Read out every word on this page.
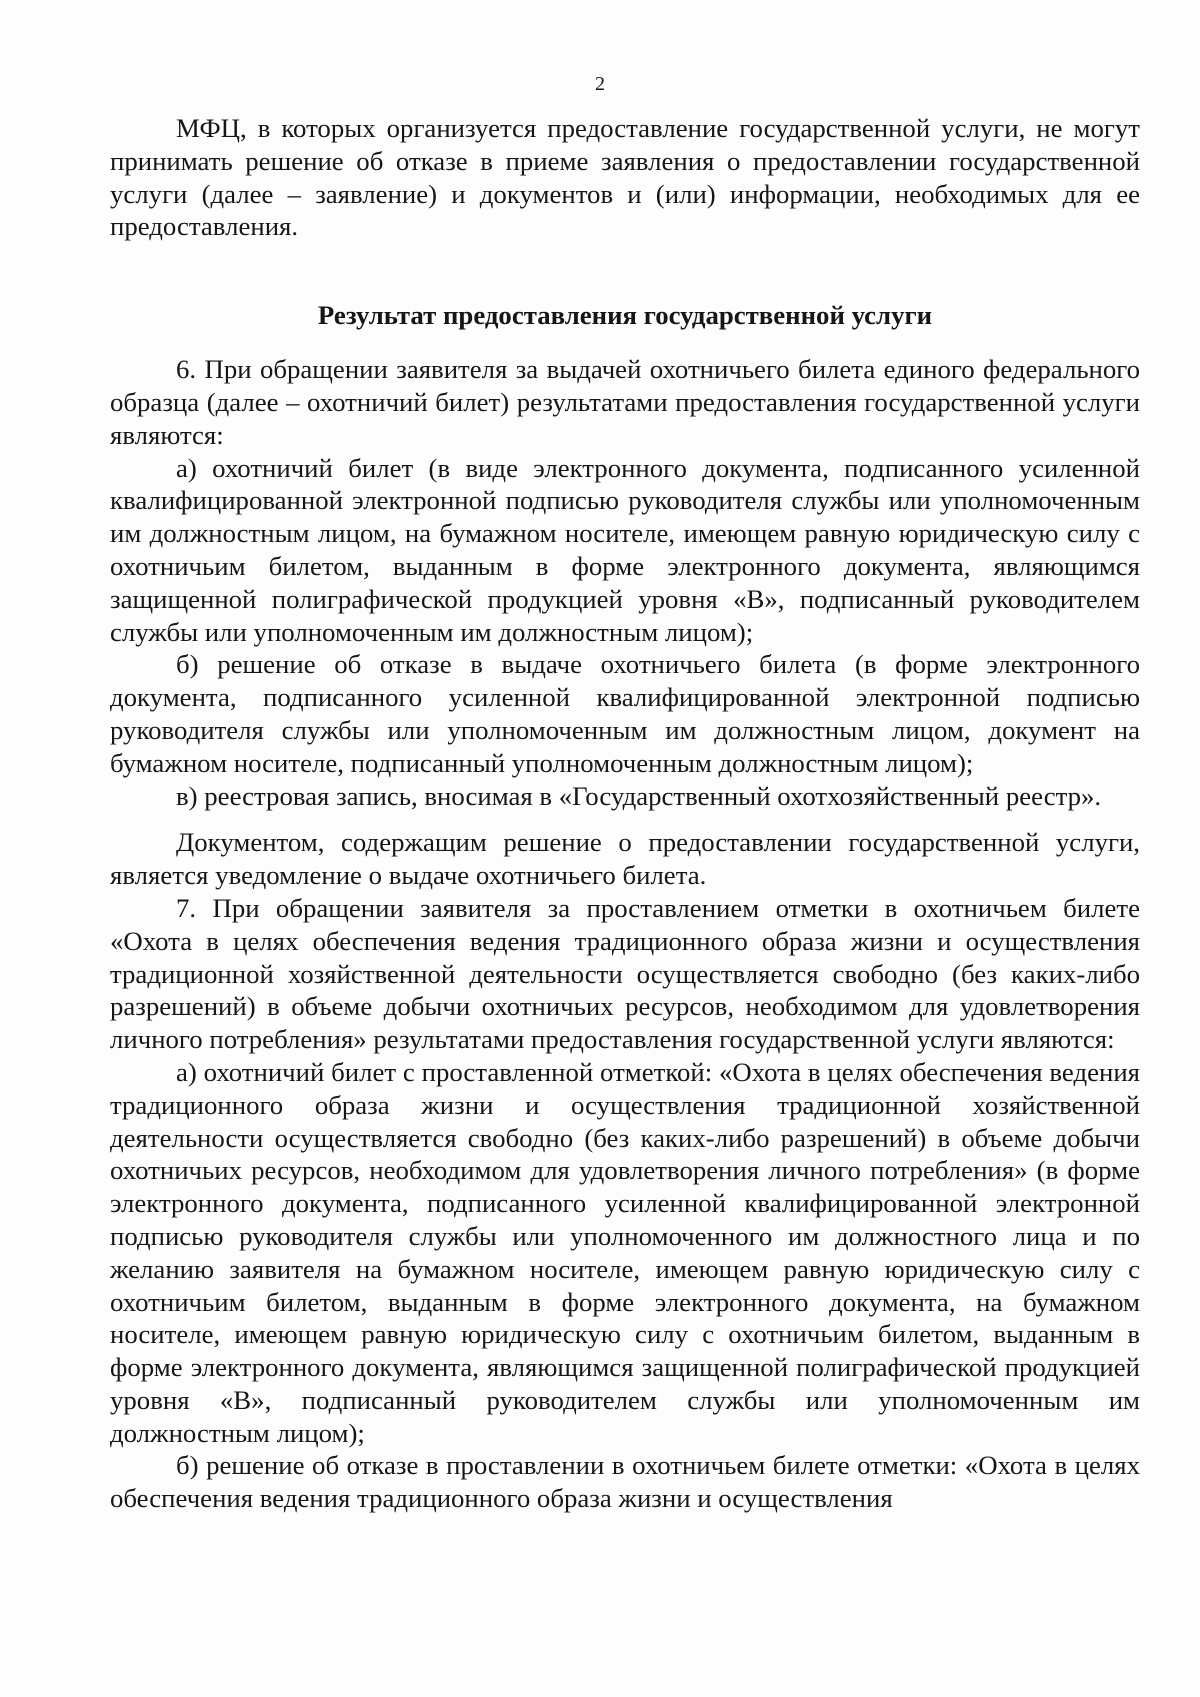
2

МФЦ, в которых организуется предоставление государственной услуги, не могут принимать решение об отказе в приеме заявления о предоставлении государственной услуги (далее – заявление) и документов и (или) информации, необходимых для ее предоставления.

Результат предоставления государственной услуги

6. При обращении заявителя за выдачей охотничьего билета единого федерального образца (далее – охотничий билет) результатами предоставления государственной услуги являются:

а) охотничий билет (в виде электронного документа, подписанного усиленной квалифицированной электронной подписью руководителя службы или уполномоченным им должностным лицом, на бумажном носителе, имеющем равную юридическую силу с охотничьим билетом, выданным в форме электронного документа, являющимся защищенной полиграфической продукцией уровня «В», подписанный руководителем службы или уполномоченным им должностным лицом);

б) решение об отказе в выдаче охотничьего билета (в форме электронного документа, подписанного усиленной квалифицированной электронной подписью руководителя службы или уполномоченным им должностным лицом, документ на бумажном носителе, подписанный уполномоченным должностным лицом);

в) реестровая запись, вносимая в «Государственный охотхозяйственный реестр».

Документом, содержащим решение о предоставлении государственной услуги, является уведомление о выдаче охотничьего билета.

7. При обращении заявителя за проставлением отметки в охотничьем билете «Охота в целях обеспечения ведения традиционного образа жизни и осуществления традиционной хозяйственной деятельности осуществляется свободно (без каких-либо разрешений) в объеме добычи охотничьих ресурсов, необходимом для удовлетворения личного потребления» результатами предоставления государственной услуги являются:

а) охотничий билет с проставленной отметкой: «Охота в целях обеспечения ведения традиционного образа жизни и осуществления традиционной хозяйственной деятельности осуществляется свободно (без каких-либо разрешений) в объеме добычи охотничьих ресурсов, необходимом для удовлетворения личного потребления» (в форме электронного документа, подписанного усиленной квалифицированной электронной подписью руководителя службы или уполномоченного им должностного лица и по желанию заявителя на бумажном носителе, имеющем равную юридическую силу с охотничьим билетом, выданным в форме электронного документа, на бумажном носителе, имеющем равную юридическую силу с охотничьим билетом, выданным в форме электронного документа, являющимся защищенной полиграфической продукцией уровня «В», подписанный руководителем службы или уполномоченным им должностным лицом);

б) решение об отказе в проставлении в охотничьем билете отметки: «Охота в целях обеспечения ведения традиционного образа жизни и осуществления
